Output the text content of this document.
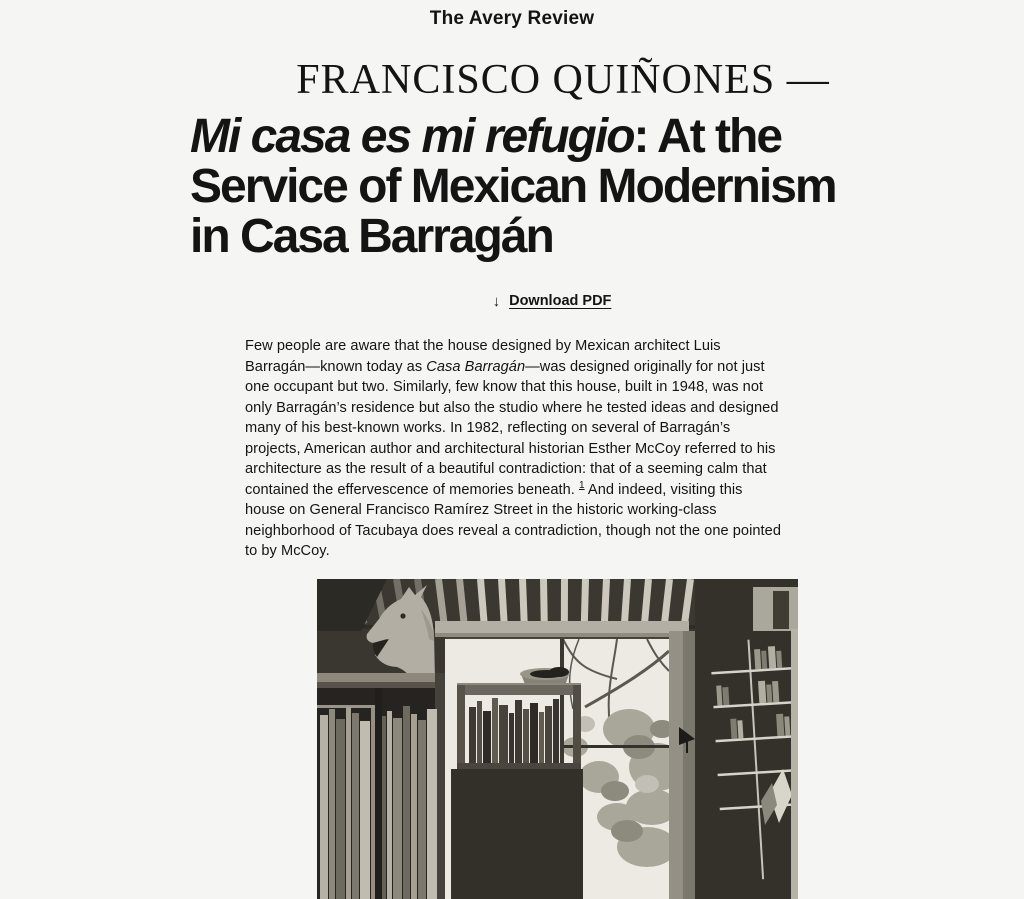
The Avery Review
FRANCISCO QUIÑONES —
Mi casa es mi refugio: At the
Service of Mexican Modernism
in Casa Barragán
↓ Download PDF
Few people are aware that the house designed by Mexican architect Luis Barragán—known today as Casa Barragán—was designed originally for not just one occupant but two. Similarly, few know that this house, built in 1948, was not only Barragán’s residence but also the studio where he tested ideas and designed many of his best-known works. In 1982, reflecting on several of Barragán’s projects, American author and architectural historian Esther McCoy referred to his architecture as the result of a beautiful contradiction: that of a seeming calm that contained the effervescence of memories beneath. $^1$ And indeed, visiting this house on General Francisco Ramírez Street in the historic working-class neighborhood of Tacubaya does reveal a contradiction, though not the one pointed to by McCoy.
